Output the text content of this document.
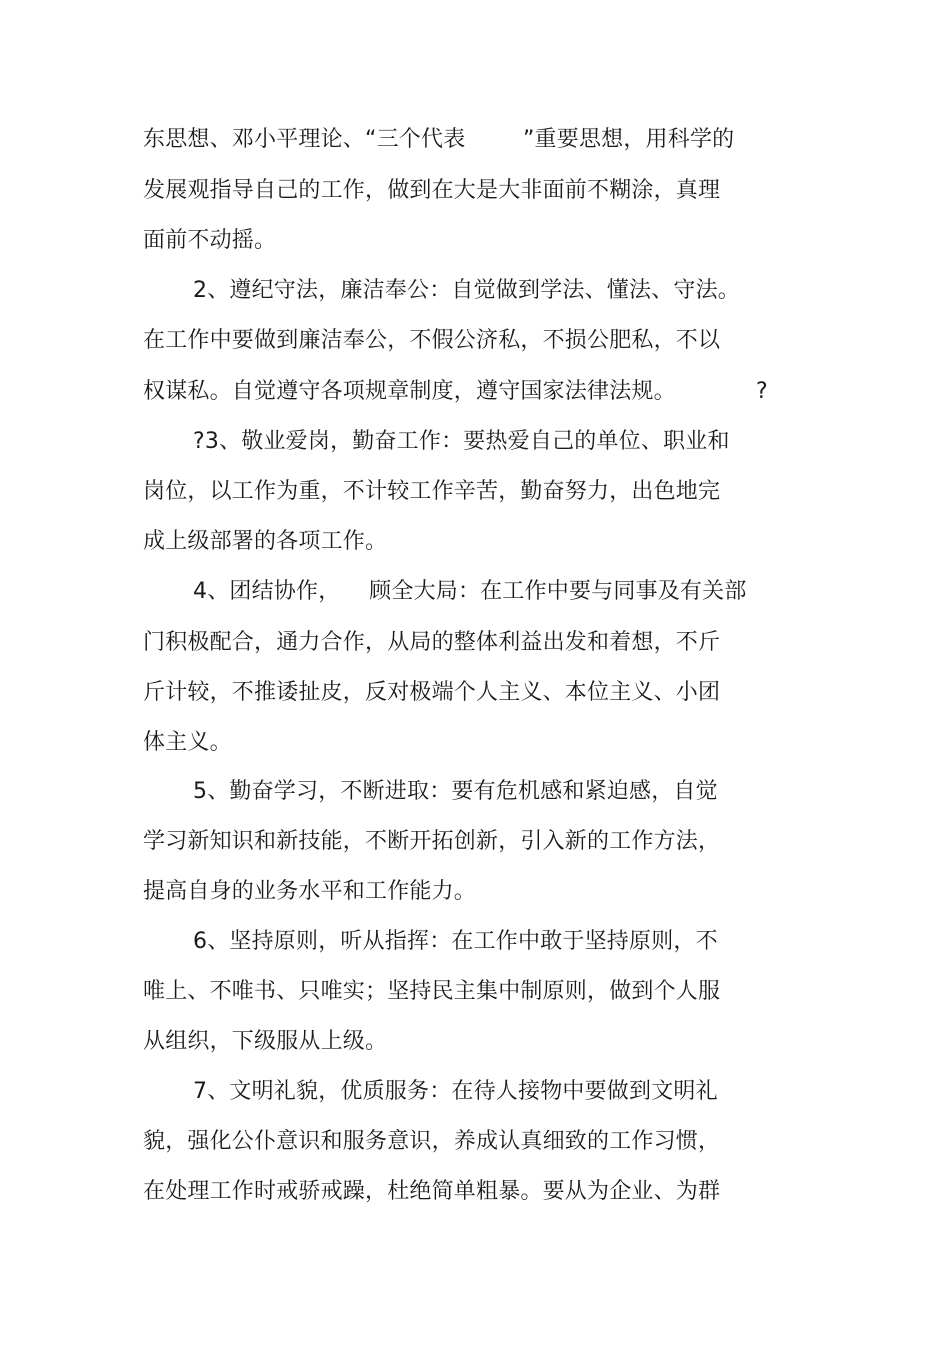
东思想、邓小平理论、“三个代表        ”重要思想，用科学的
发展观指导自己的工作，做到在大是大非面前不糊涂，真理
面前不动摇。
2、遵纪守法，廉洁奉公：自觉做到学法、懂法、守法。
在工作中要做到廉洁奉公，不假公济私，不损公肥私，不以
权谋私。自觉遵守各项规章制度，遵守国家法律法规。	?
?3、敬业爱岗，勤奋工作：要热爱自己的单位、职业和
岗位，以工作为重，不计较工作辛苦，勤奋努力，出色地完
成上级部署的各项工作。
4、团结协作，    顾全大局：在工作中要与同事及有关部
门积极配合，通力合作，从局的整体利益出发和着想，不斤
斤计较，不推诿扯皮，反对极端个人主义、本位主义、小团
体主义。
5、勤奋学习，不断进取：要有危机感和紧迫感，自觉
学习新知识和新技能，不断开拓创新，引入新的工作方法，
提高自身的业务水平和工作能力。
6、坚持原则，听从指挥：在工作中敢于坚持原则，不
唯上、不唯书、只唯实；坚持民主集中制原则，做到个人服
从组织，下级服从上级。
7、文明礼貌，优质服务：在待人接物中要做到文明礼
貌，强化公仆意识和服务意识，养成认真细致的工作习惯，
在处理工作时戒骄戒躁，杜绝简单粗暴。要从为企业、为群
